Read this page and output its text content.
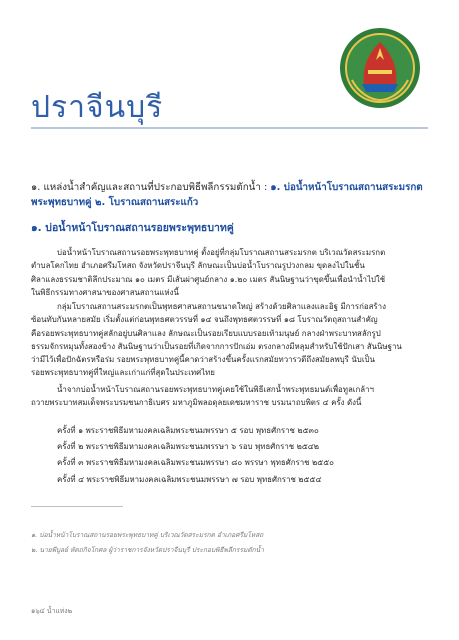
ปราจีนบุรี
๑. แหล่งน้ำสำคัญและสถานที่ประกอบพิธีพลีกรรมตักน้ำ : ๑. บ่อน้ำหน้าโบราณสถานสระมรกต
พระพุทธบาทคู่ ๒. โบราณสถานสระแก้ว
๑. บ่อน้ำหน้าโบราณสถานรอยพระพุทธบาทคู่
บ่อน้ำหน้าโบราณสถานรอยพระพุทธบาทคู่ ตั้งอยู่ที่กลุ่มโบราณสถานสระมรกต บริเวณวัดสระมรกต
ตำบลโคกไทย อำเภอศรีมโหสถ จังหวัดปราจีนบุรี ลักษณะเป็นบ่อน้ำโบราณรูปวงกลม ขุดลงไปในชั้น
ศิลาแลงธรรมชาติลึกประมาณ ๑๐ เมตร มีเส้นผ่าศูนย์กลาง ๑.๒๐ เมตร สันนิษฐานว่าขุดขึ้นเพื่อนำน้ำไปใช้
ในพิธีกรรมทางศาสนาของศาสนสถานแห่งนี้
กลุ่มโบราณสถานสระมรกตเป็นพุทธศาสนสถานขนาดใหญ่ สร้างด้วยศิลาแลงและอิฐ มีการก่อสร้าง
ซ้อนทับกันหลายสมัย เริ่มตั้งแต่ก่อนพุทธศตวรรษที่ ๑๔ จนถึงพุทธศตวรรษที่ ๑๘ โบราณวัตถุสถานสำคัญ
คือรอยพระพุทธบาทคู่สลักอยู่บนศิลาแลง ลักษณะเป็นรอยเรียบแบบรอยเท้ามนุษย์ กลางฝ่าพระบาทสลักรูป
ธรรมจักรหมุนทั้งสองข้าง สันนิษฐานว่าเป็นรอยที่เกิดจากการปักเอ่ม ตรงกลางมีหลุมสำหรับใช้ปักเสา สันนิษฐาน
ว่ามีไว้เพื่อปักฉัตรหรือร่ม รอยพระพุทธบาทคู่นี้คาดว่าสร้างขึ้นครั้งแรกสมัยทวารวดีถึงสมัยลพบุรี นับเป็น
รอยพระพุทธบาทคู่ที่ใหญ่และเก่าแก่ที่สุดในประเทศไทย
น้ำจากบ่อน้ำหน้าโบราณสถานรอยพระพุทธบาทคู่เคยใช้ในพิธีเสกน้ำพระพุทธมนต์เพื่อทูลเกล้าฯ
ถวายพระบาทสมเด็จพระบรมชนกาธิเบศร มหาภูมิพลอดุลยเดชมหาราช บรมนาถบพิตร ๔ ครั้ง ดังนี้
ครั้งที่ ๑ พระราชพิธีมหามงคลเฉลิมพระชนมพรรษา ๕ รอบ พุทธศักราช ๒๕๓๐
ครั้งที่ ๒ พระราชพิธีมหามงคลเฉลิมพระชนมพรรษา ๖ รอบ พุทธศักราช ๒๕๔๒
ครั้งที่ ๓ พระราชพิธีมหามงคลเฉลิมพระชนมพรรษา ๘๐ พรรษา พุทธศักราช ๒๕๕๐
ครั้งที่ ๔ พระราชพิธีมหามงคลเฉลิมพระชนมพรรษา ๗ รอบ พุทธศักราช ๒๕๕๔
๑. บ่อน้ำหน้าโบราณสถานรอยพระพุทธบาทคู่ บริเวณวัดสระมรกต อำเภอศรีมโหสถ
๒. นายพีบูลย์ หัตถกิจโกศล ผู้ว่าราชการจังหวัดปราจีนบุรี ประกอบพิธีพลีกรรมตักน้ำ
๑๖๔ น้ำแห่ง๒
